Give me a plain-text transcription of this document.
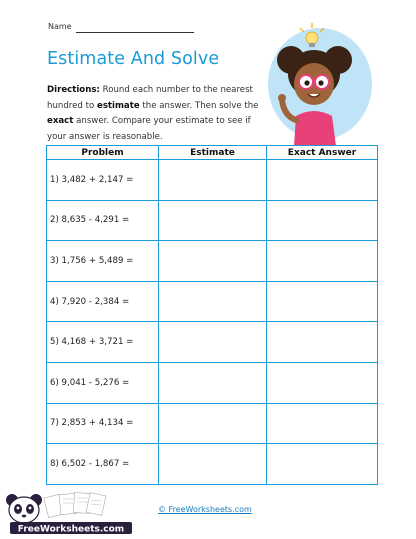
Name
Estimate And Solve
Directions: Round each number to the nearest hundred to estimate the answer. Then solve the exact answer. Compare your estimate to see if your answer is reasonable.
Problem	Estimate	Exact Answer
1) 3,482 + 2,147 =		
2) 8,635 - 4,291 =		
3) 1,756 + 5,489 =		
4) 7,920 - 2,384 =		
5) 4,168 + 3,721 =		
6) 9,041 - 5,276 =		
7) 2,853 + 4,134 =		
8) 6,502 - 1,867 =		
FreeWorksheets.com
© FreeWorksheets.com
